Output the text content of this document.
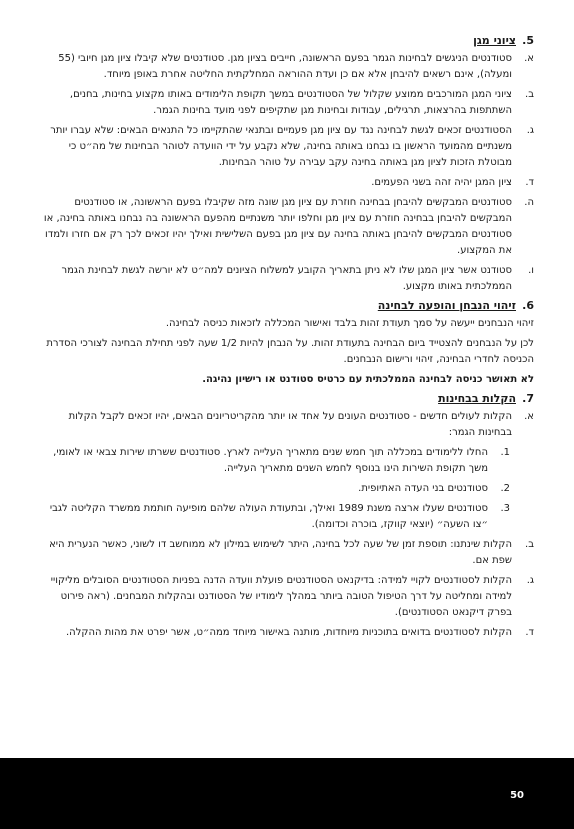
5.
ציוני מגן
א.
סטודנטים הניגשים לבחינות הגמר בפעם הראשונה, חייבים בציון מגן. סטודנטים שלא קיבלו ציון מגן חיובי (55 ומעלה), אינם רשאים להיבחן אלא אם כן ועדת ההוראה המחלקתית החליטה אחרת באופן מיוחד.
ב.
ציוני המגן המורכבים ממוצע שקלול של הסטודנטים במשך תקופת הלימודים באותו מקצוע בחינות, בחנים, השתתפות בהרצאות, תרגילים, עבודות ובחינות מגן שתקיפים לפני מועד בחינות הגמר.
ג.
הסטודנטים זכאים לגשת לבחינה נגד עם ציון מגן פעמיים ובתנאי שהתקיימו כל התנאים הבאים: שלא עברו יותר משנתיים מהמועד הראשון בו נבחנו באותה בחינה, שלא נקבע על ידי הוועדה לטוהר הבחינות של מה״ט כי מבוטלת הזכות לציון מגן באותה בחינה עקב עבירה על טוהר הבחינות.
ד.
ציון המגן יהיה זהה בשני הפעמים.
ה.
סטודנטים המבקשים להיבחן בבחינה חוזרת עם ציון מגן שונה מזה שקיבלו בפעם הראשונה, או סטודנטים המבקשים להיבחן בבחינה חוזרת עם ציון מגן וחלפו יותר משנתיים מהפעם הראשונה בה נבחנו באותה בחינה, או סטודנטים המבקשים להיבחן באותה בחינה עם ציון מגן בפעם השלישית ואילך יהיו זכאים לכך רק אם חזרו ולמדו את המקצוע.
ו.
סטודנט אשר ציון המגן שלו לא ניתן בתאריך הקובע למשלוח הציונים למה״ט לא יורשה לגשת לבחינת הגמר הממלכתית באותו מקצוע.
6.
זיהוי הנבחן והופעה לבחינה
זיהוי הנבחנים ייעשה על סמך תעודת זהות בלבד ואישור המכללה לזכאות כניסה לבחינה.
לכן על הנבחנים להצטייד ביום הבחינה בתעודת זהות. על הנבחן להיות 1/2 שעה לפני תחילת הבחינה לצורכי הסדרת הכניסה לחדרי הבחינה, זיהוי ורישום הנבחנים.
לא תאושר כניסה לבחינה הממלכתית עם כרטיס סטודנט או רישיון נהיגה.
7.
הקלות בבחינות
א.
הקלות לעולים חדשים - סטודנטים העונים על אחד או יותר מהקריטריונים הבאים, יהיו זכאים לקבל הקלות בבחינות הגמר:
1.
החלו ללימודים במכללה תוך חמש שנים מתאריך העלייה לארץ. סטודנטים ששרתו שירות צבאי או לאומי, משך תקופת השירות הינו בנוסף לחמש השנים מתאריך העלייה.
2.
סטודנטים בני העדה האתיופית.
3.
סטודנטים שעלו ארצה משנת 1989 ואילך, ובתעודת העולה שלהם מופיעה חותמת ממשרד הקליטה לגבי ״צו השעה״ (יוצאי קווקז, בוכרה וכדומה).
ב.
הקלות שינתנו: תוספת זמן של שעה לכל בחינה, היתר לשימוש במילון לא ממוחשב דו לשוני, כאשר הנערית היא שפת אם.
ג.
הקלות לסטודנטים לקויי למידה: בדיקנאט הסטודנטים פועלת וועדה הדנה בפניות הסטודנטים הסובלים מליקויי למידה ומחליטה על דרך הטיפול הטובה ביותר במהלך לימודיו של הסטודנט ובהקלות המבחנים. (ראה פירוט בפרק דיקנאט הסטודנטים).
ד.
הקלות לסטודנטים בדואים בתוכניות מיוחדות, מותנה באישור מיוחד ממה״ט, אשר יפרט את מהות ההקלה.
50
